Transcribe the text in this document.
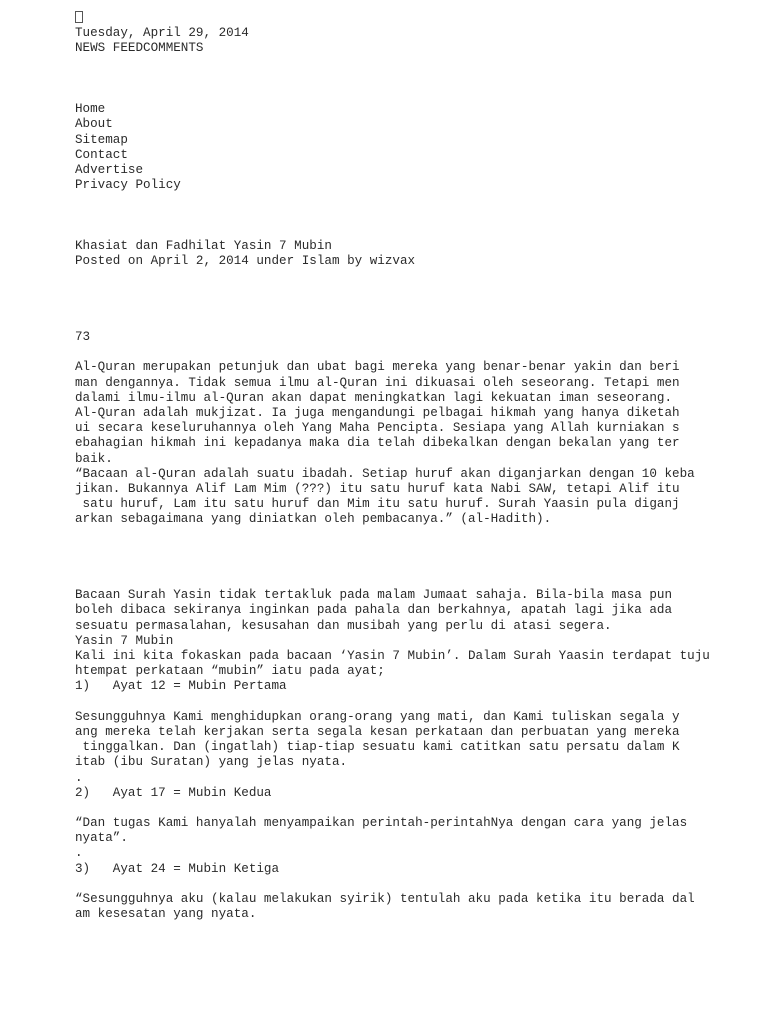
Tuesday, April 29, 2014
NEWS FEEDCOMMENTS
Home
About
Sitemap
Contact
Advertise
Privacy Policy
Khasiat dan Fadhilat Yasin 7 Mubin
Posted on April 2, 2014 under Islam by wizvax
73
Al-Quran merupakan petunjuk dan ubat bagi mereka yang benar-benar yakin dan beri
man dengannya. Tidak semua ilmu al-Quran ini dikuasai oleh seseorang. Tetapi men
dalami ilmu-ilmu al-Quran akan dapat meningkatkan lagi kekuatan iman seseorang.
Al-Quran adalah mukjizat. Ia juga mengandungi pelbagai hikmah yang hanya diketah
ui secara keseluruhannya oleh Yang Maha Pencipta. Sesiapa yang Allah kurniakan s
ebahagian hikmah ini kepadanya maka dia telah dibekalkan dengan bekalan yang ter
baik.
“Bacaan al-Quran adalah suatu ibadah. Setiap huruf akan diganjarkan dengan 10 keba
jikan. Bukannya Alif Lam Mim (???) itu satu huruf kata Nabi SAW, tetapi Alif itu
satu huruf, Lam itu satu huruf dan Mim itu satu huruf. Surah Yaasin pula diganj
arkan sebagaimana yang diniatkan oleh pembacanya.” (al-Hadith).
Bacaan Surah Yasin tidak tertakluk pada malam Jumaat sahaja. Bila-bila masa pun
boleh dibaca sekiranya inginkan pada pahala dan berkahnya, apatah lagi jika ada
sesuatu permasalahan, kesusahan dan musibah yang perlu di atasi segera.
Yasin 7 Mubin
Kali ini kita fokaskan pada bacaan ‘Yasin 7 Mubin’. Dalam Surah Yaasin terdapat tuju
htempat perkataan “mubin” iatu pada ayat;
1)   Ayat 12 = Mubin Pertama
Sesungguhnya Kami menghidupkan orang-orang yang mati, dan Kami tuliskan segala y
ang mereka telah kerjakan serta segala kesan perkataan dan perbuatan yang mereka
tinggalkan. Dan (ingatlah) tiap-tiap sesuatu kami catitkan satu persatu dalam K
itab (ibu Suratan) yang jelas nyata.
.
2)   Ayat 17 = Mubin Kedua
“Dan tugas Kami hanyalah menyampaikan perintah-perintahNya dengan cara yang jelas
nyata”.
.
3)   Ayat 24 = Mubin Ketiga
“Sesungguhnya aku (kalau melakukan syirik) tentulah aku pada ketika itu berada dal
am kesesatan yang nyata.
